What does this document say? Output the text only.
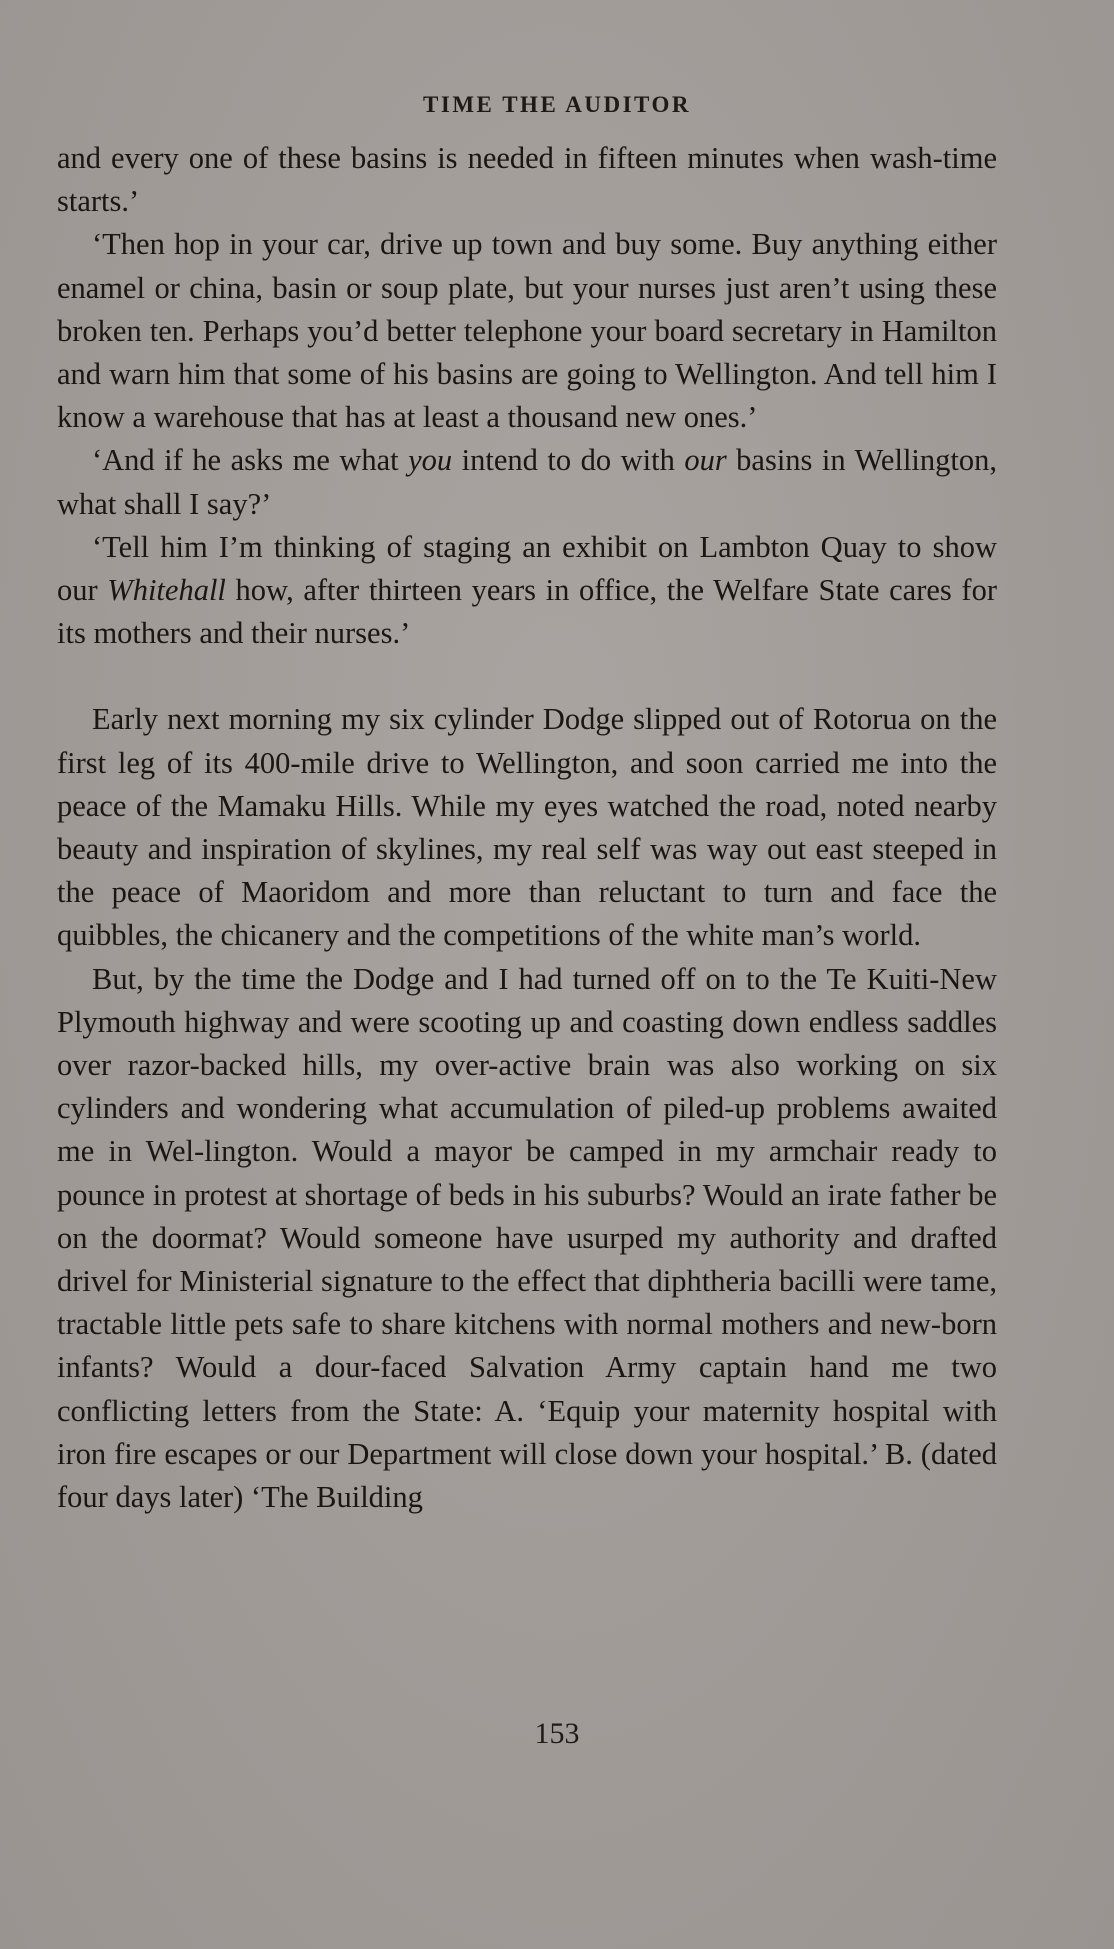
TIME THE AUDITOR

and every one of these basins is needed in fifteen minutes when wash-time starts.’

‘Then hop in your car, drive up town and buy some. Buy anything either enamel or china, basin or soup plate, but your nurses just aren’t using these broken ten. Perhaps you’d better telephone your board secretary in Hamilton and warn him that some of his basins are going to Wellington. And tell him I know a warehouse that has at least a thousand new ones.’

‘And if he asks me what you intend to do with our basins in Wellington, what shall I say?’

‘Tell him I’m thinking of staging an exhibit on Lambton Quay to show our Whitehall how, after thirteen years in office, the Welfare State cares for its mothers and their nurses.’

Early next morning my six cylinder Dodge slipped out of Rotorua on the first leg of its 400-mile drive to Wellington, and soon carried me into the peace of the Mamaku Hills. While my eyes watched the road, noted nearby beauty and inspiration of skylines, my real self was way out east steeped in the peace of Maoridom and more than reluctant to turn and face the quibbles, the chicanery and the competitions of the white man’s world.

But, by the time the Dodge and I had turned off on to the Te Kuiti-New Plymouth highway and were scooting up and coasting down endless saddles over razor-backed hills, my over-active brain was also working on six cylinders and wondering what accumulation of piled-up problems awaited me in Wel-lington. Would a mayor be camped in my armchair ready to pounce in protest at shortage of beds in his suburbs? Would an irate father be on the doormat? Would someone have usurped my authority and drafted drivel for Ministerial signature to the effect that diphtheria bacilli were tame, tractable little pets safe to share kitchens with normal mothers and new-born infants? Would a dour-faced Salvation Army captain hand me two conflicting letters from the State: A. ‘Equip your maternity hospital with iron fire escapes or our Department will close down your hospital.’ B. (dated four days later) ‘The Building

153
